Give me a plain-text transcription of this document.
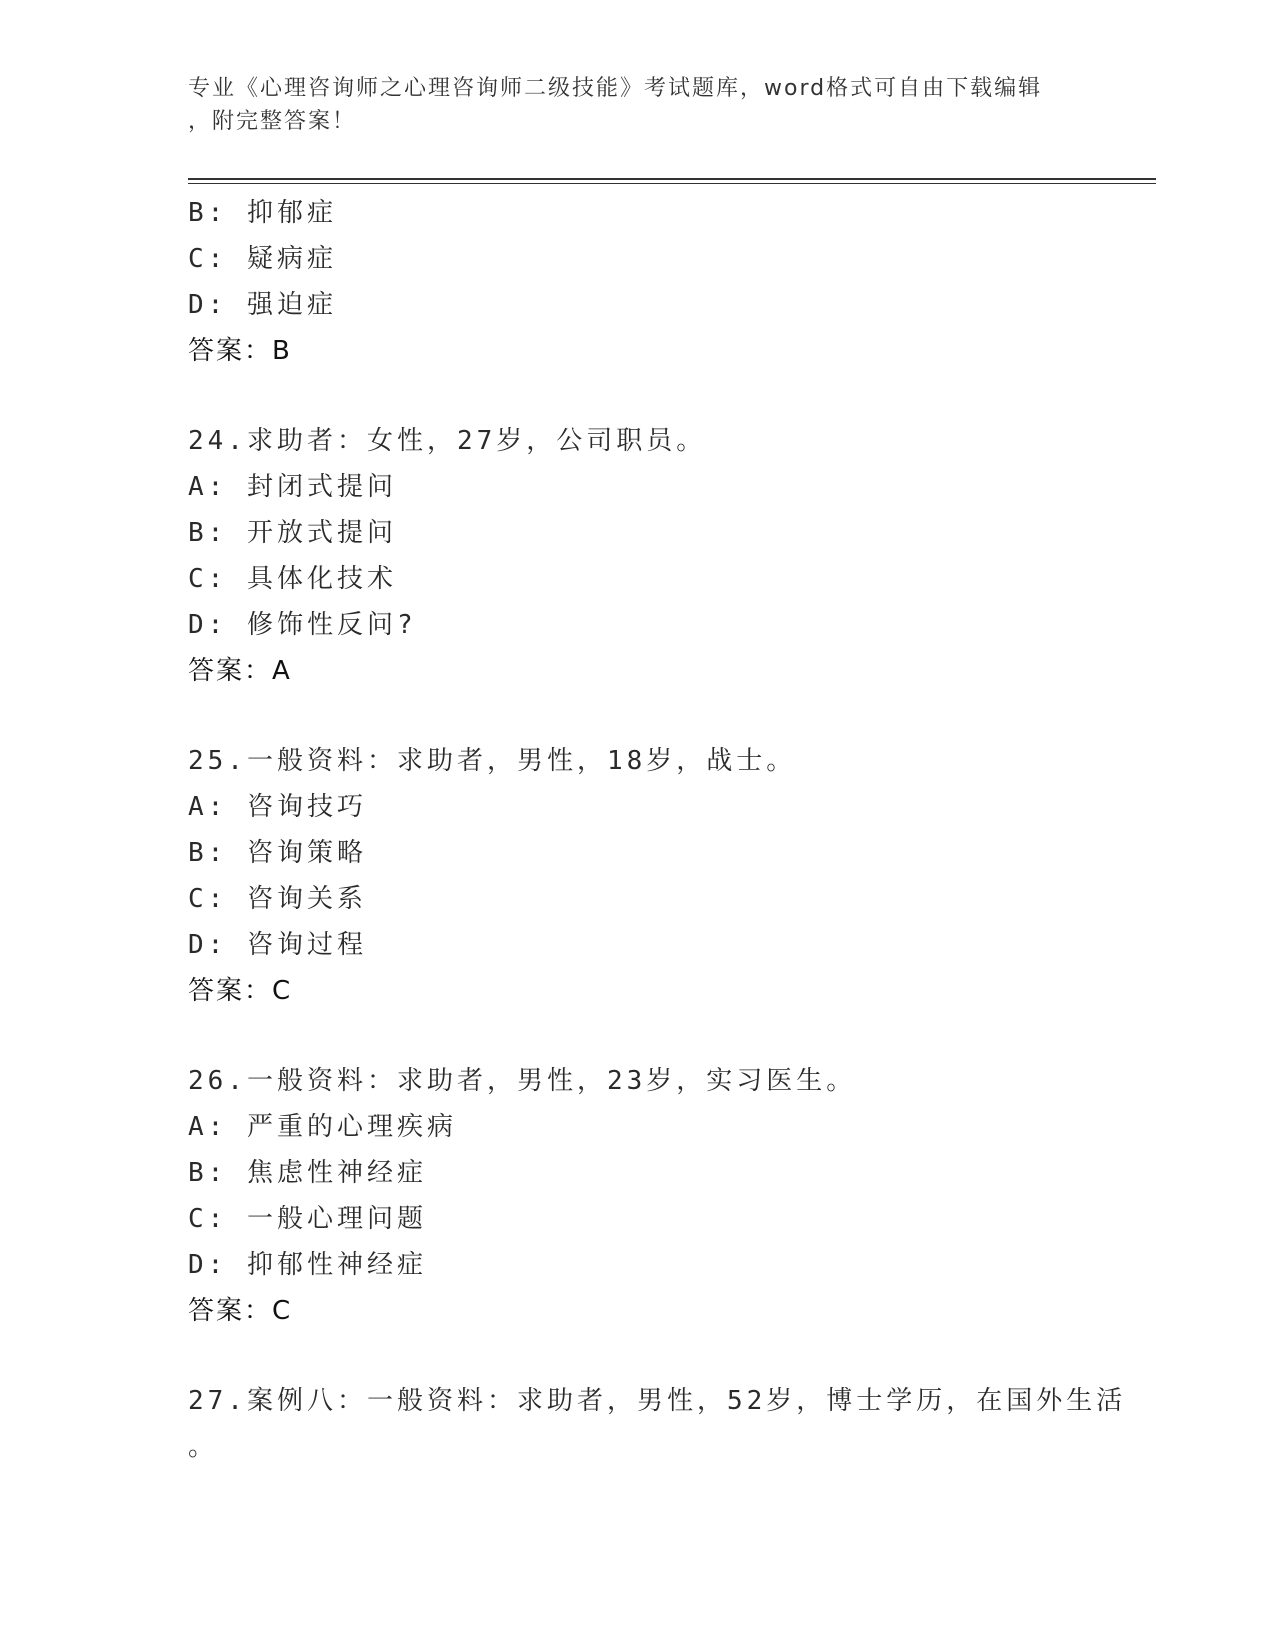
专业《心理咨询师之心理咨询师二级技能》考试题库，word格式可自由下载编辑
，附完整答案！
B: 抑郁症
C: 疑病症
D: 强迫症
答案：B
24.求助者：女性，27岁，公司职员。
A: 封闭式提问
B: 开放式提问
C: 具体化技术
D: 修饰性反问?
答案：A
25.一般资料：求助者，男性，18岁，战士。
A: 咨询技巧
B: 咨询策略
C: 咨询关系
D: 咨询过程
答案：C
26.一般资料：求助者，男性，23岁，实习医生。
A: 严重的心理疾病
B: 焦虑性神经症
C: 一般心理问题
D: 抑郁性神经症
答案：C
27.案例八：一般资料：求助者，男性，52岁，博士学历，在国外生活
。
